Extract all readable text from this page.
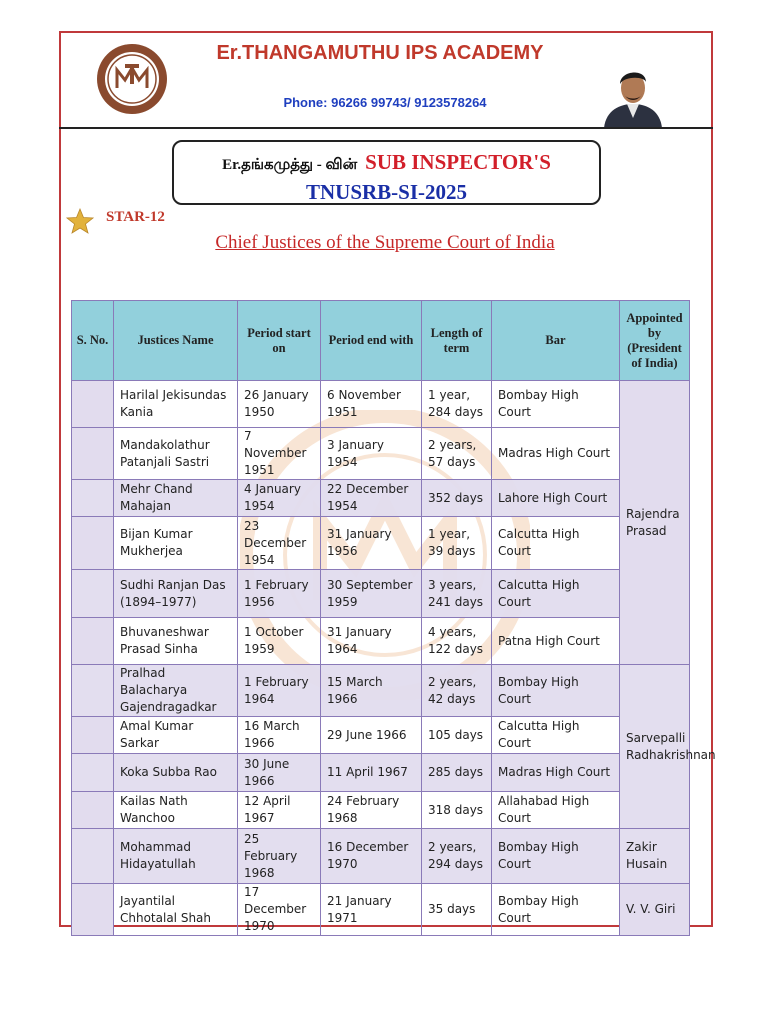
Er.THANGAMUTHU IPS ACADEMY
Phone: 96266 99743/ 9123578264
Er.தங்கமுத்து - வின் SUB INSPECTOR'S
TNUSRB-SI-2025
STAR-12
Chief Justices of the Supreme Court of India
S. No.	Justices Name	Period start on	Period end with	Length of term	Bar	Appointed by (President of India)
	Harilal Jekisundas Kania	26 January 1950	6 November 1951	1 year, 284 days	Bombay High Court	Rajendra Prasad
	Mandakolathur Patanjali Sastri	7 November 1951	3 January 1954	2 years, 57 days	Madras High Court	
	Mehr Chand Mahajan	4 January 1954	22 December 1954	352 days	Lahore High Court	
	Bijan Kumar Mukherjea	23 December 1954	31 January 1956	1 year, 39 days	Calcutta High Court	
	Sudhi Ranjan Das (1894–1977)	1 February 1956	30 September 1959	3 years, 241 days	Calcutta High Court	
	Bhuvaneshwar Prasad Sinha	1 October 1959	31 January 1964	4 years, 122 days	Patna High Court	
	Pralhad Balacharya Gajendragadkar	1 February 1964	15 March 1966	2 years, 42 days	Bombay High Court	Sarvepalli Radhakrishnan
	Amal Kumar Sarkar	16 March 1966	29 June 1966	105 days	Calcutta High Court	
	Koka Subba Rao	30 June 1966	11 April 1967	285 days	Madras High Court	
	Kailas Nath Wanchoo	12 April 1967	24 February 1968	318 days	Allahabad High Court	
	Mohammad Hidayatullah	25 February 1968	16 December 1970	2 years, 294 days	Bombay High Court	Zakir Husain
	Jayantilal Chhotalal Shah	17 December 1970	21 January 1971	35 days	Bombay High Court	V. V. Giri
